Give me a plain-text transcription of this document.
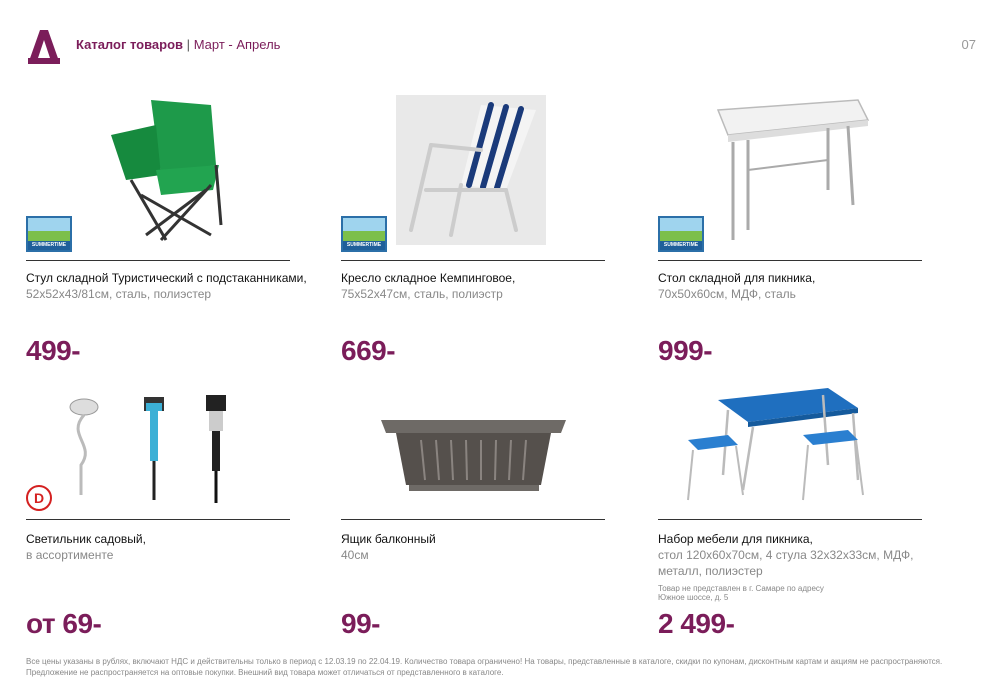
Каталог товаров | Март - Апрель	07
SUMMERTIME
Стул складной Туристический с подстаканниками, 52x52x43/81см, сталь, полиэстер
499-
SUMMERTIME
Кресло складное Кемпинговое,
75x52x47см, сталь, полиэстр
669-
SUMMERTIME
Стол складной для пикника,
70x50x60см, МДФ, сталь
999-
D
Светильник садовый,
в ассортименте
от 69-
Ящик балконный
40см
99-
Набор мебели для пикника,
стол 120x60x70см, 4 стула 32x32x33см, МДФ, металл, полиэстер
Товар не представлен в г. Самаре по адресу Южное шоссе, д. 5
2 499-
Все цены указаны в рублях, включают НДС и действительны только в период с 12.03.19 по 22.04.19. Количество товара ограничено! На товары, представленные в каталоге, скидки по купонам, дисконтным картам и акциям не распространяются. Предложение не распространяется на оптовые покупки. Внешний вид товара может отличаться от представленного в каталоге.
